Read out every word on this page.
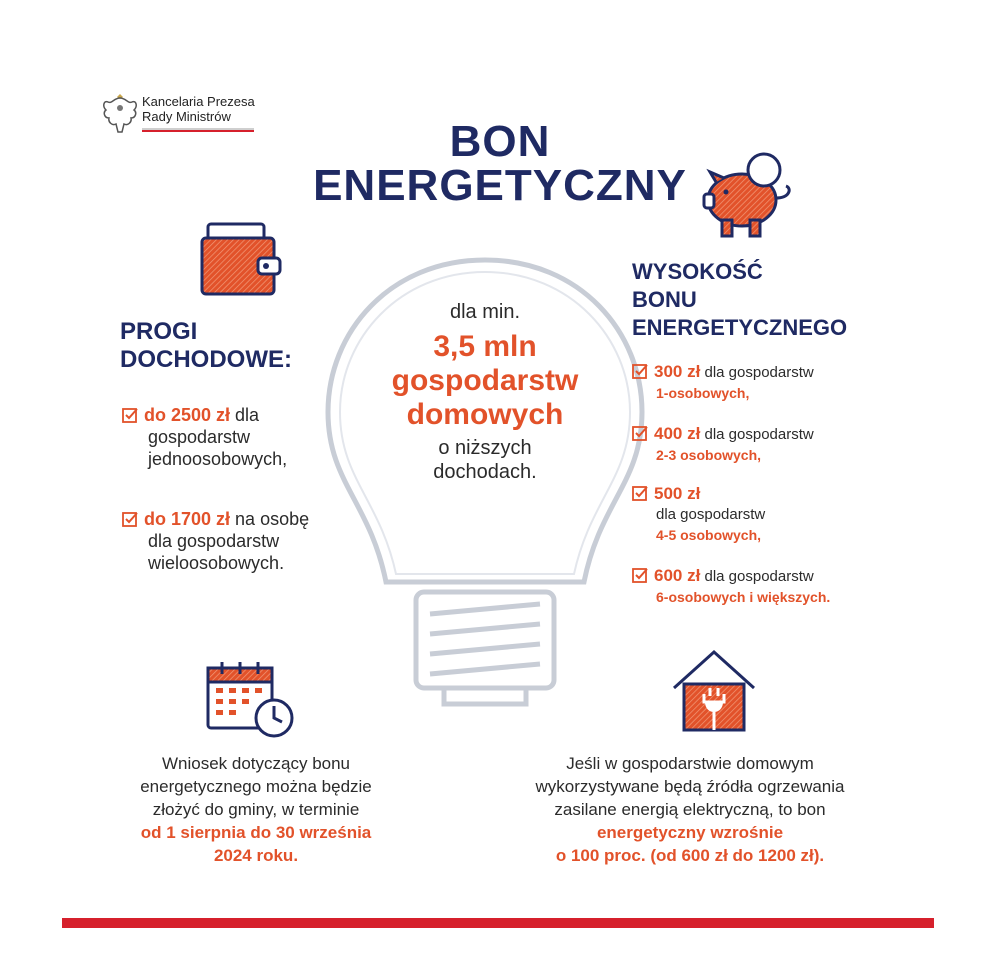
Kancelaria Prezesa
Rady Ministrów
BON
ENERGETYCZNY
dla min.
3,5 mln
gospodarstw
domowych
o niższych
dochodach.
PROGI
DOCHODOWE:
do 2500 zł dla
gospodarstw
jednoosobowych,
do 1700 zł na osobę
dla gospodarstw
wieloosobowych.
WYSOKOŚĆ
BONU
ENERGETYCZNEGO
300 zł dla gospodarstw
1-osobowych,
400 zł dla gospodarstw
2-3 osobowych,
500 zł
dla gospodarstw
4-5 osobowych,
600 zł dla gospodarstw
6-osobowych i większych.
Wniosek dotyczący bonu
energetycznego można będzie
złożyć do gminy, w terminie
od 1 sierpnia do 30 września
2024 roku.
Jeśli w gospodarstwie domowym
wykorzystywane będą źródła ogrzewania
zasilane energią elektryczną, to bon
energetyczny wzrośnie
o 100 proc. (od 600 zł do 1200 zł).
